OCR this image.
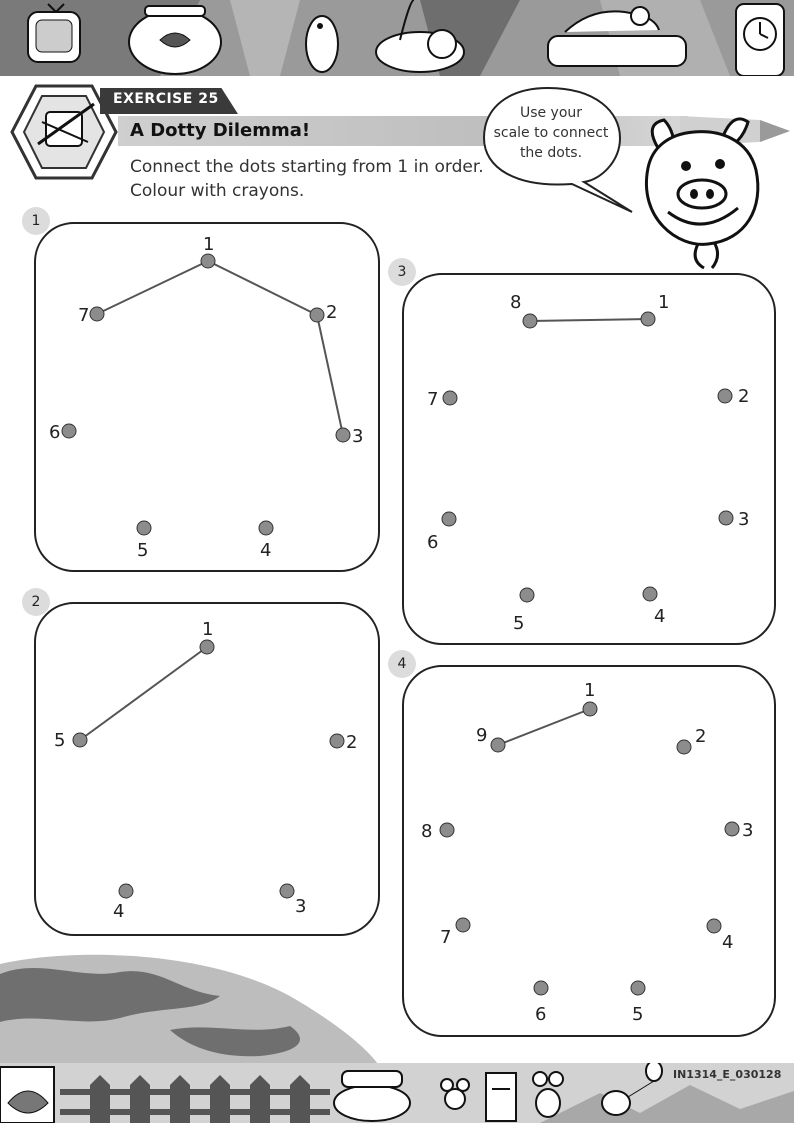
EXERCISE 25
A Dotty Dilemma!
Connect the dots starting from 1 in order.
Colour with crayons.
Use your
scale to connect
the dots.
1
1
2
3
4
5
6
7
3
1
2
3
4
5
6
7
8
2
1
2
3
4
5
4
1
2
3
4
5
6
7
8
9
IN1314_E_030128
